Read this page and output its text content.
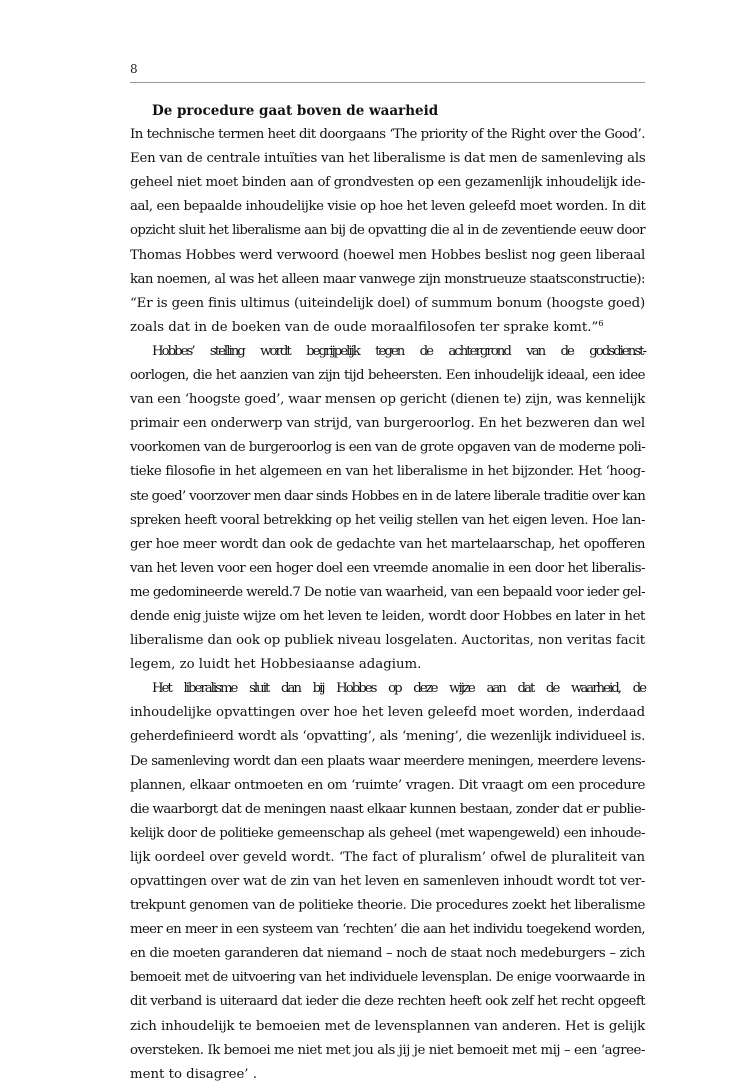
8
De procedure gaat boven de waarheid

In technische termen heet dit doorgaans ‘The priority of the Right over the Good’.
Een van de centrale intuïties van het liberalisme is dat men de samenleving als
geheel niet moet binden aan of grondvesten op een gezamenlijk inhoudelijk ide-
aal, een bepaalde inhoudelijke visie op hoe het leven geleefd moet worden. In dit
opzicht sluit het liberalisme aan bij de opvatting die al in de zeventiende eeuw door
Thomas Hobbes werd verwoord (hoewel men Hobbes beslist nog geen liberaal
kan noemen, al was het alleen maar vanwege zijn monstrueuze staatsconstructie):
“Er is geen finis ultimus (uiteindelijk doel) of summum bonum (hoogste goed)
zoals dat in de boeken van de oude moraalfilosofen ter sprake komt.”$^6$

Hobbes’ stelling wordt begrijpelijk tegen de achtergrond van de godsdienst-
oorlogen, die het aanzien van zijn tijd beheersten. Een inhoudelijk ideaal, een idee
van een ‘hoogste goed’, waar mensen op gericht (dienen te) zijn, was kennelijk
primair een onderwerp van strijd, van burgeroorlog. En het bezweren dan wel
voorkomen van de burgeroorlog is een van de grote opgaven van de moderne poli-
tieke filosofie in het algemeen en van het liberalisme in het bijzonder. Het ‘hoog-
ste goed’ voorzover men daar sinds Hobbes en in de latere liberale traditie over kan
spreken heeft vooral betrekking op het veilig stellen van het eigen leven. Hoe lan-
ger hoe meer wordt dan ook de gedachte van het martelaarschap, het opofferen
van het leven voor een hoger doel een vreemde anomalie in een door het liberalis-
me gedomineerde wereld.7 De notie van waarheid, van een bepaald voor ieder gel-
dende enig juiste wijze om het leven te leiden, wordt door Hobbes en later in het
liberalisme dan ook op publiek niveau losgelaten. Auctoritas, non veritas facit
legem, zo luidt het Hobbesiaanse adagium.

Het liberalisme sluit dan bij Hobbes op deze wijze aan dat de waarheid, de
inhoudelijke opvattingen over hoe het leven geleefd moet worden, inderdaad
geherdefinieerd wordt als ‘opvatting’, als ‘mening’, die wezenlijk individueel is.
De samenleving wordt dan een plaats waar meerdere meningen, meerdere levens-
plannen, elkaar ontmoeten en om ‘ruimte’ vragen. Dit vraagt om een procedure
die waarborgt dat de meningen naast elkaar kunnen bestaan, zonder dat er publie-
kelijk door de politieke gemeenschap als geheel (met wapengeweld) een inhoude-
lijk oordeel over geveld wordt. ‘The fact of pluralism’ ofwel de pluraliteit van
opvattingen over wat de zin van het leven en samenleven inhoudt wordt tot ver-
trekpunt genomen van de politieke theorie. Die procedures zoekt het liberalisme
meer en meer in een systeem van ‘rechten’ die aan het individu toegekend worden,
en die moeten garanderen dat niemand – noch de staat noch medeburgers – zich
bemoeit met de uitvoering van het individuele levensplan. De enige voorwaarde in
dit verband is uiteraard dat ieder die deze rechten heeft ook zelf het recht opgeeft
zich inhoudelijk te bemoeien met de levensplannen van anderen. Het is gelijk
oversteken. Ik bemoei me niet met jou als jij je niet bemoeit met mij – een ‘agree-
ment to disagree’ .
